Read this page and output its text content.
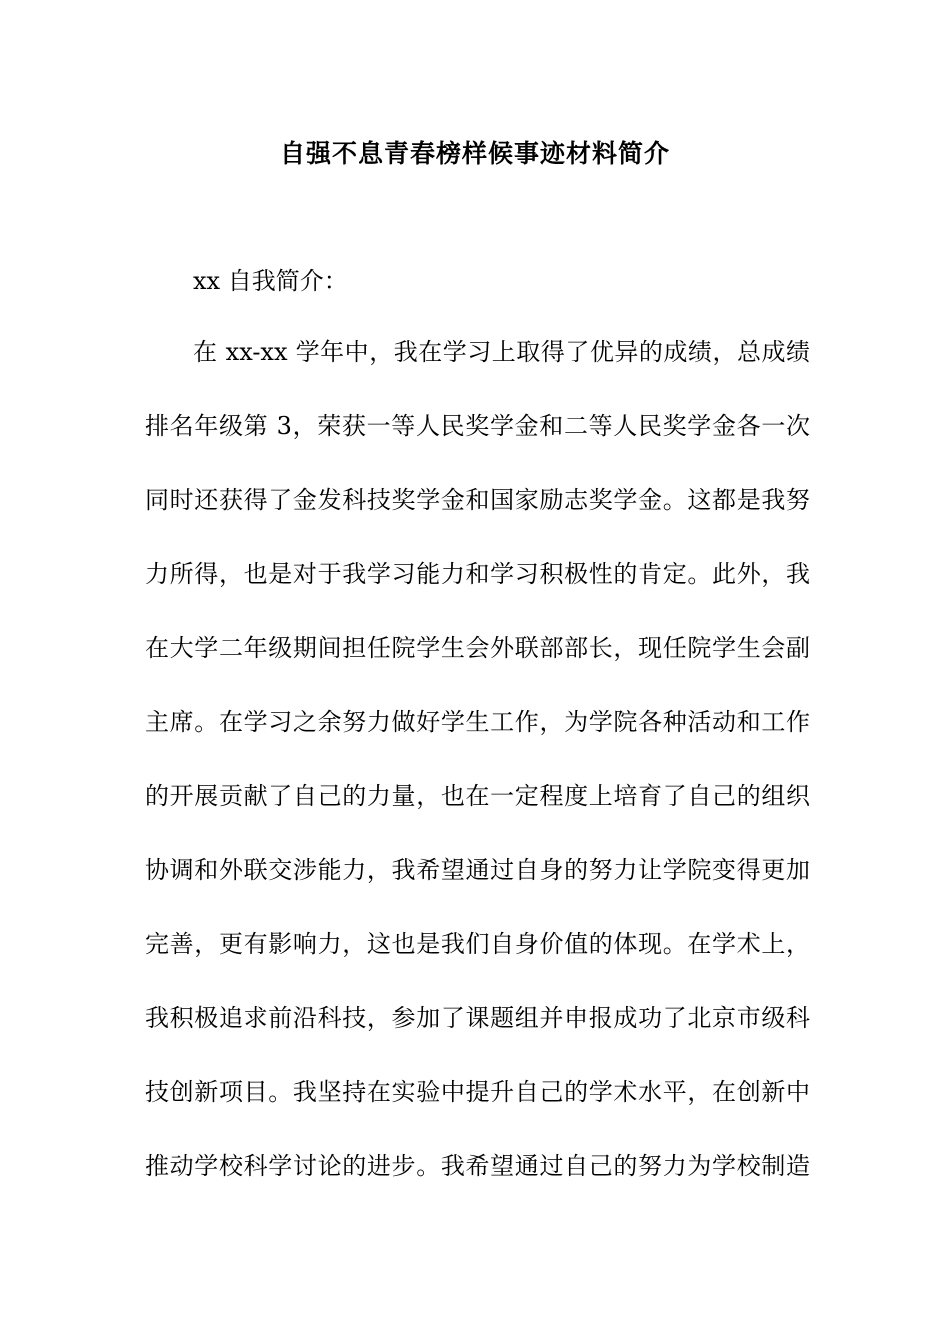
自强不息青春榜样候事迹材料简介
xx 自我简介：
在 xx-xx 学年中，我在学习上取得了优异的成绩，总成绩
排名年级第 3，荣获一等人民奖学金和二等人民奖学金各一次
同时还获得了金发科技奖学金和国家励志奖学金。这都是我努
力所得，也是对于我学习能力和学习积极性的肯定。此外，我
在大学二年级期间担任院学生会外联部部长，现任院学生会副
主席。在学习之余努力做好学生工作，为学院各种活动和工作
的开展贡献了自己的力量，也在一定程度上培育了自己的组织
协调和外联交涉能力，我希望通过自身的努力让学院变得更加
完善，更有影响力，这也是我们自身价值的体现。在学术上，
我积极追求前沿科技，参加了课题组并申报成功了北京市级科
技创新项目。我坚持在实验中提升自己的学术水平，在创新中
推动学校科学讨论的进步。我希望通过自己的努力为学校制造
